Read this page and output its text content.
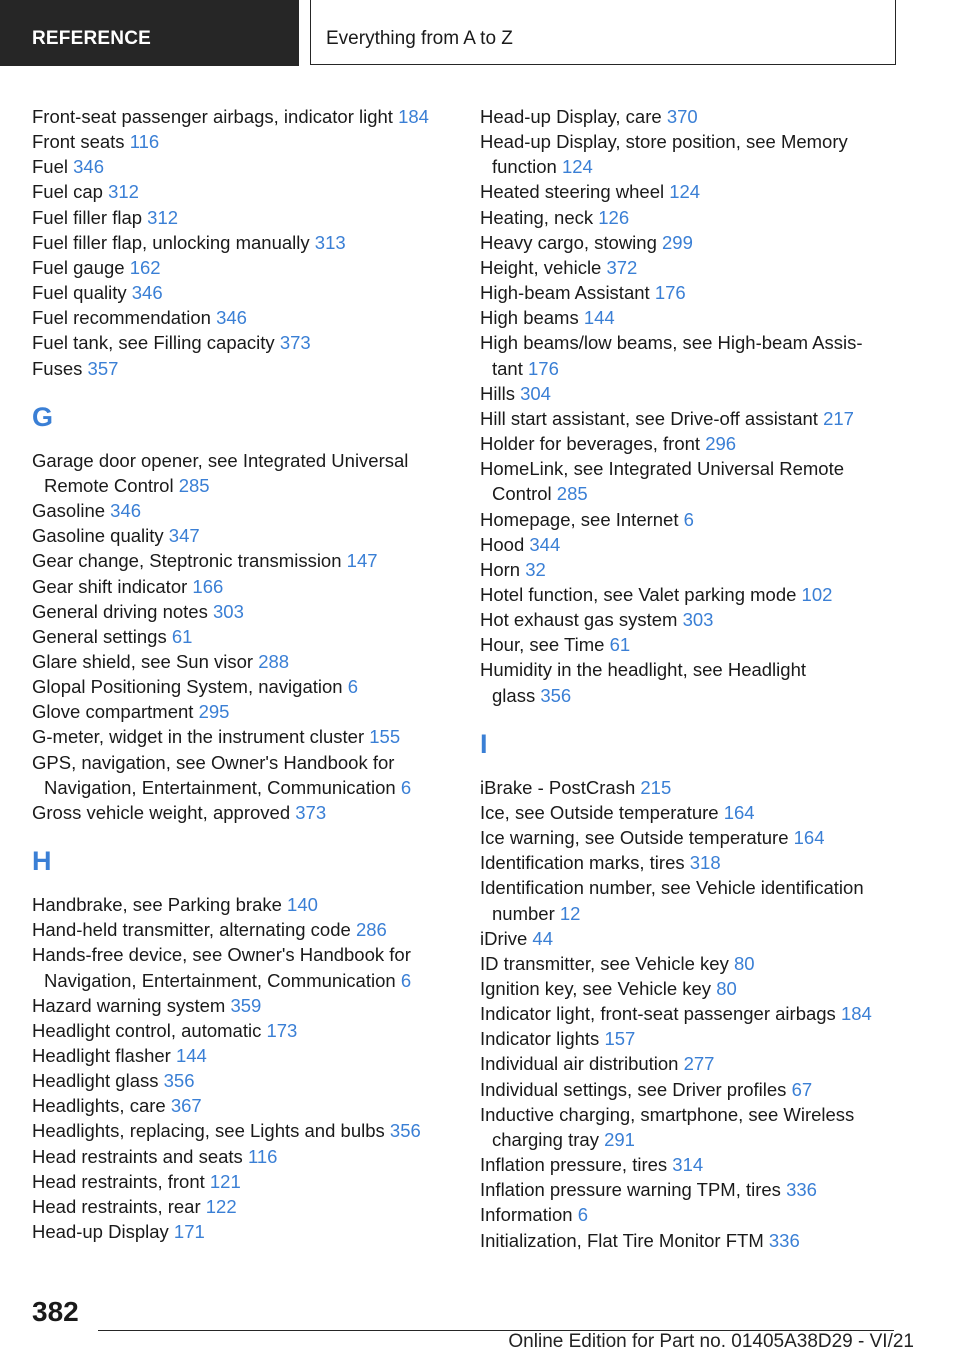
REFERENCE	Everything from A to Z
Front-seat passenger airbags, indicator light 184
Front seats 116
Fuel 346
Fuel cap 312
Fuel filler flap 312
Fuel filler flap, unlocking manually 313
Fuel gauge 162
Fuel quality 346
Fuel recommendation 346
Fuel tank, see Filling capacity 373
Fuses 357
G
Garage door opener, see Integrated Universal
Remote Control 285
Gasoline 346
Gasoline quality 347
Gear change, Steptronic transmission 147
Gear shift indicator 166
General driving notes 303
General settings 61
Glare shield, see Sun visor 288
Glopal Positioning System, navigation 6
Glove compartment 295
G-meter, widget in the instrument cluster 155
GPS, navigation, see Owner's Handbook for
Navigation, Entertainment, Communication 6
Gross vehicle weight, approved 373
H
Handbrake, see Parking brake 140
Hand-held transmitter, alternating code 286
Hands-free device, see Owner's Handbook for
Navigation, Entertainment, Communication 6
Hazard warning system 359
Headlight control, automatic 173
Headlight flasher 144
Headlight glass 356
Headlights, care 367
Headlights, replacing, see Lights and bulbs 356
Head restraints and seats 116
Head restraints, front 121
Head restraints, rear 122
Head-up Display 171
Head-up Display, care 370
Head-up Display, store position, see Memory
function 124
Heated steering wheel 124
Heating, neck 126
Heavy cargo, stowing 299
Height, vehicle 372
High-beam Assistant 176
High beams 144
High beams/low beams, see High-beam Assis-
tant 176
Hills 304
Hill start assistant, see Drive-off assistant 217
Holder for beverages, front 296
HomeLink, see Integrated Universal Remote
Control 285
Homepage, see Internet 6
Hood 344
Horn 32
Hotel function, see Valet parking mode 102
Hot exhaust gas system 303
Hour, see Time 61
Humidity in the headlight, see Headlight
glass 356
I
iBrake - PostCrash 215
Ice, see Outside temperature 164
Ice warning, see Outside temperature 164
Identification marks, tires 318
Identification number, see Vehicle identification
number 12
iDrive 44
ID transmitter, see Vehicle key 80
Ignition key, see Vehicle key 80
Indicator light, front-seat passenger airbags 184
Indicator lights 157
Individual air distribution 277
Individual settings, see Driver profiles 67
Inductive charging, smartphone, see Wireless
charging tray 291
Inflation pressure, tires 314
Inflation pressure warning TPM, tires 336
Information 6
Initialization, Flat Tire Monitor FTM 336
382
Online Edition for Part no. 01405A38D29 - VI/21
